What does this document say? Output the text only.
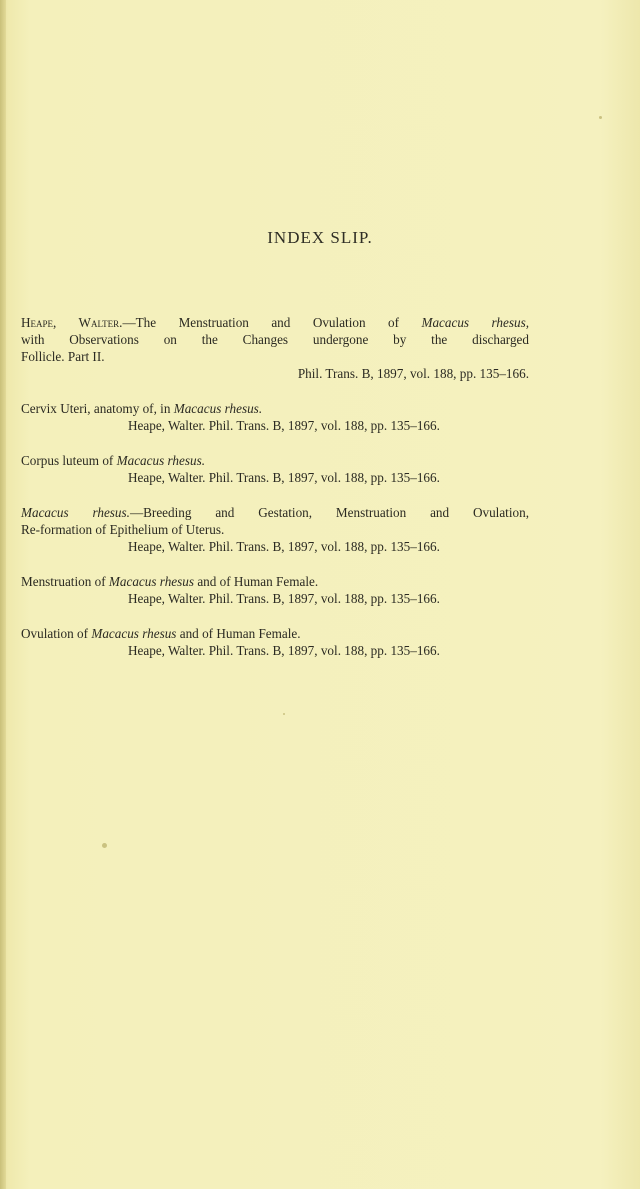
INDEX SLIP.
Heape, Walter.—The Menstruation and Ovulation of Macacus rhesus,
with Observations on the Changes undergone by the discharged
Follicle. Part II.
Phil. Trans. B, 1897, vol. 188, pp. 135–166.
Cervix Uteri, anatomy of, in Macacus rhesus.
Heape, Walter. Phil. Trans. B, 1897, vol. 188, pp. 135–166.
Corpus luteum of Macacus rhesus.
Heape, Walter. Phil. Trans. B, 1897, vol. 188, pp. 135–166.
Macacus rhesus.—Breeding and Gestation, Menstruation and Ovulation,
Re-formation of Epithelium of Uterus.
Heape, Walter. Phil. Trans. B, 1897, vol. 188, pp. 135–166.
Menstruation of Macacus rhesus and of Human Female.
Heape, Walter. Phil. Trans. B, 1897, vol. 188, pp. 135–166.
Ovulation of Macacus rhesus and of Human Female.
Heape, Walter. Phil. Trans. B, 1897, vol. 188, pp. 135–166.
